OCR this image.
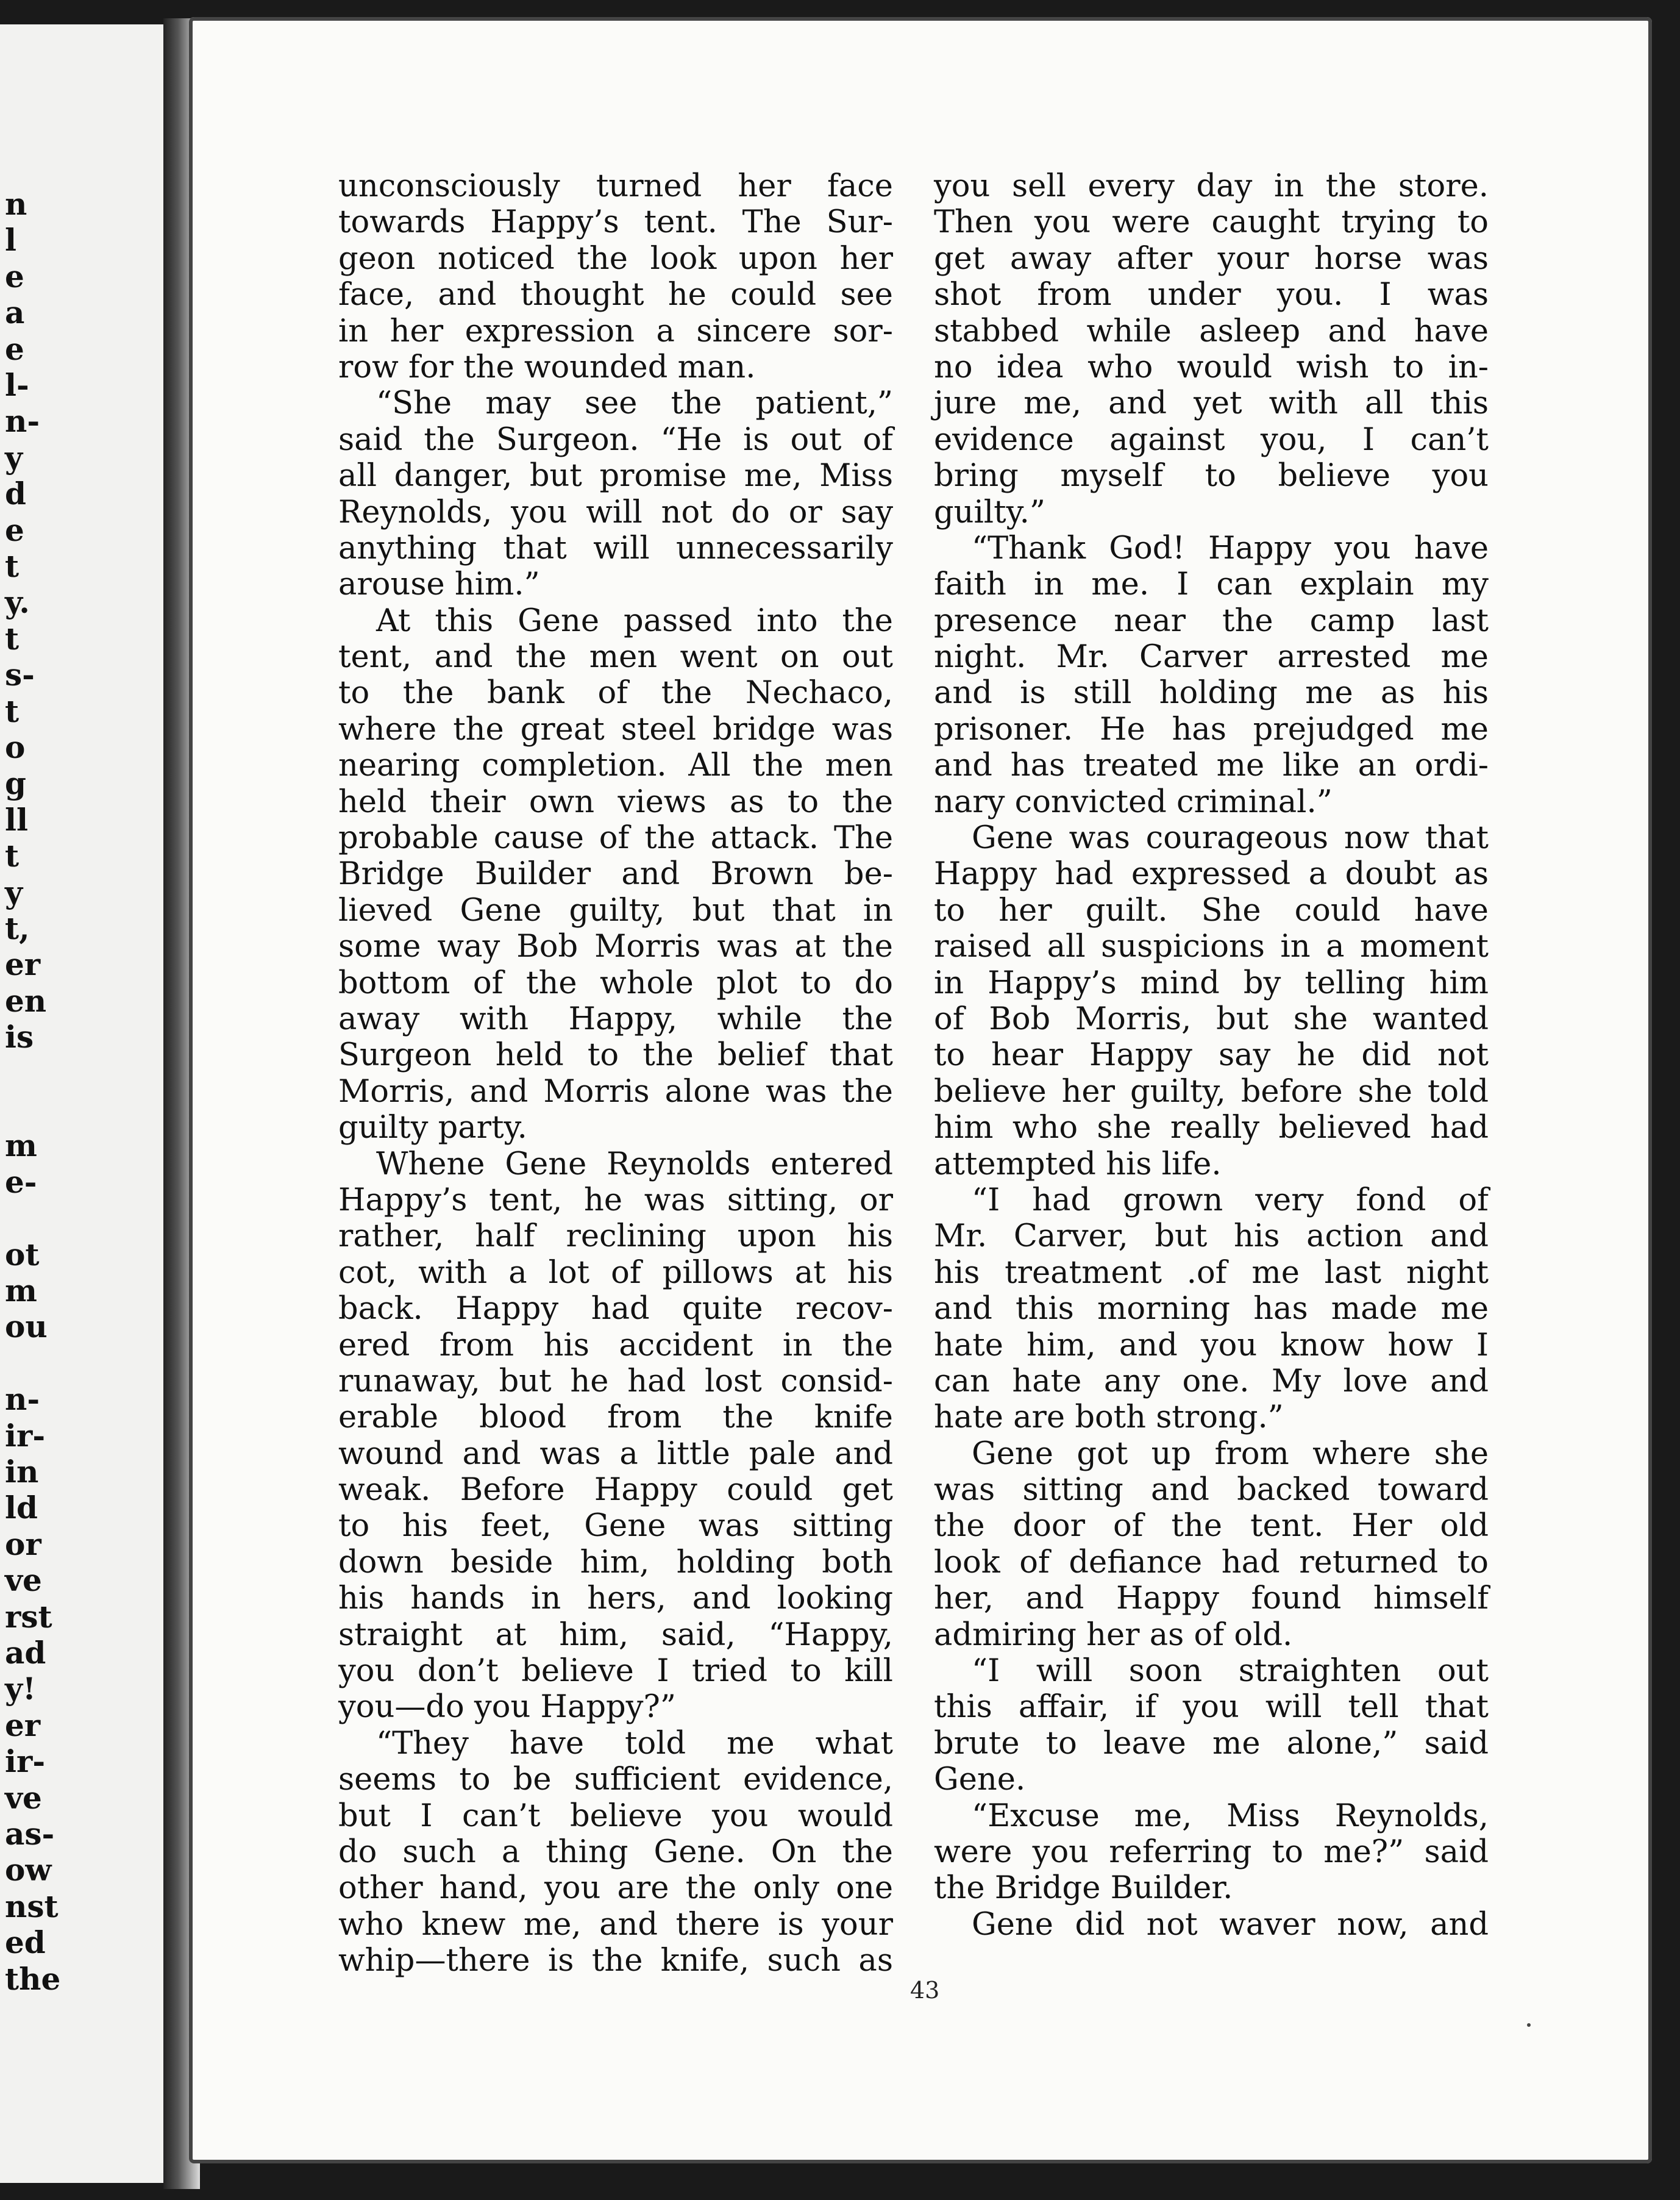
n
l
e
a
e
l-
n-
y
d
e
t
y.
t
s-
t
o
g
ll
t
y
t,
er
en
is
m
e-
ot
m
ou
n-
ir-
in
ld
or
ve
rst
ad
y!
er
ir-
ve
as-
ow
nst
ed
the
unconsciously turned her face
towards Happy’s tent. The Sur-
geon noticed the look upon her
face, and thought he could see
in her expression a sincere sor-
row for the wounded man.
“She may see the patient,”
said the Surgeon. “He is out of
all danger, but promise me, Miss
Reynolds, you will not do or say
anything that will unnecessarily
arouse him.”
At this Gene passed into the
tent, and the men went on out
to the bank of the Nechaco,
where the great steel bridge was
nearing completion. All the men
held their own views as to the
probable cause of the attack. The
Bridge Builder and Brown be-
lieved Gene guilty, but that in
some way Bob Morris was at the
bottom of the whole plot to do
away with Happy, while the
Surgeon held to the belief that
Morris, and Morris alone was the
guilty party.
Whene Gene Reynolds entered
Happy’s tent, he was sitting, or
rather, half reclining upon his
cot, with a lot of pillows at his
back. Happy had quite recov-
ered from his accident in the
runaway, but he had lost consid-
erable blood from the knife
wound and was a little pale and
weak. Before Happy could get
to his feet, Gene was sitting
down beside him, holding both
his hands in hers, and looking
straight at him, said, “Happy,
you don’t believe I tried to kill
you—do you Happy?”
“They have told me what
seems to be sufficient evidence,
but I can’t believe you would
do such a thing Gene. On the
other hand, you are the only one
who knew me, and there is your
whip—there is the knife, such as
you sell every day in the store.
Then you were caught trying to
get away after your horse was
shot from under you. I was
stabbed while asleep and have
no idea who would wish to in-
jure me, and yet with all this
evidence against you, I can’t
bring myself to believe you
guilty.”
“Thank God! Happy you have
faith in me. I can explain my
presence near the camp last
night. Mr. Carver arrested me
and is still holding me as his
prisoner. He has prejudged me
and has treated me like an ordi-
nary convicted criminal.”
Gene was courageous now that
Happy had expressed a doubt as
to her guilt. She could have
raised all suspicions in a moment
in Happy’s mind by telling him
of Bob Morris, but she wanted
to hear Happy say he did not
believe her guilty, before she told
him who she really believed had
attempted his life.
“I had grown very fond of
Mr. Carver, but his action and
his treatment .of me last night
and this morning has made me
hate him, and you know how I
can hate any one. My love and
hate are both strong.”
Gene got up from where she
was sitting and backed toward
the door of the tent. Her old
look of defiance had returned to
her, and Happy found himself
admiring her as of old.
“I will soon straighten out
this affair, if you will tell that
brute to leave me alone,” said
Gene.
“Excuse me, Miss Reynolds,
were you referring to me?” said
the Bridge Builder.
Gene did not waver now, and
43
